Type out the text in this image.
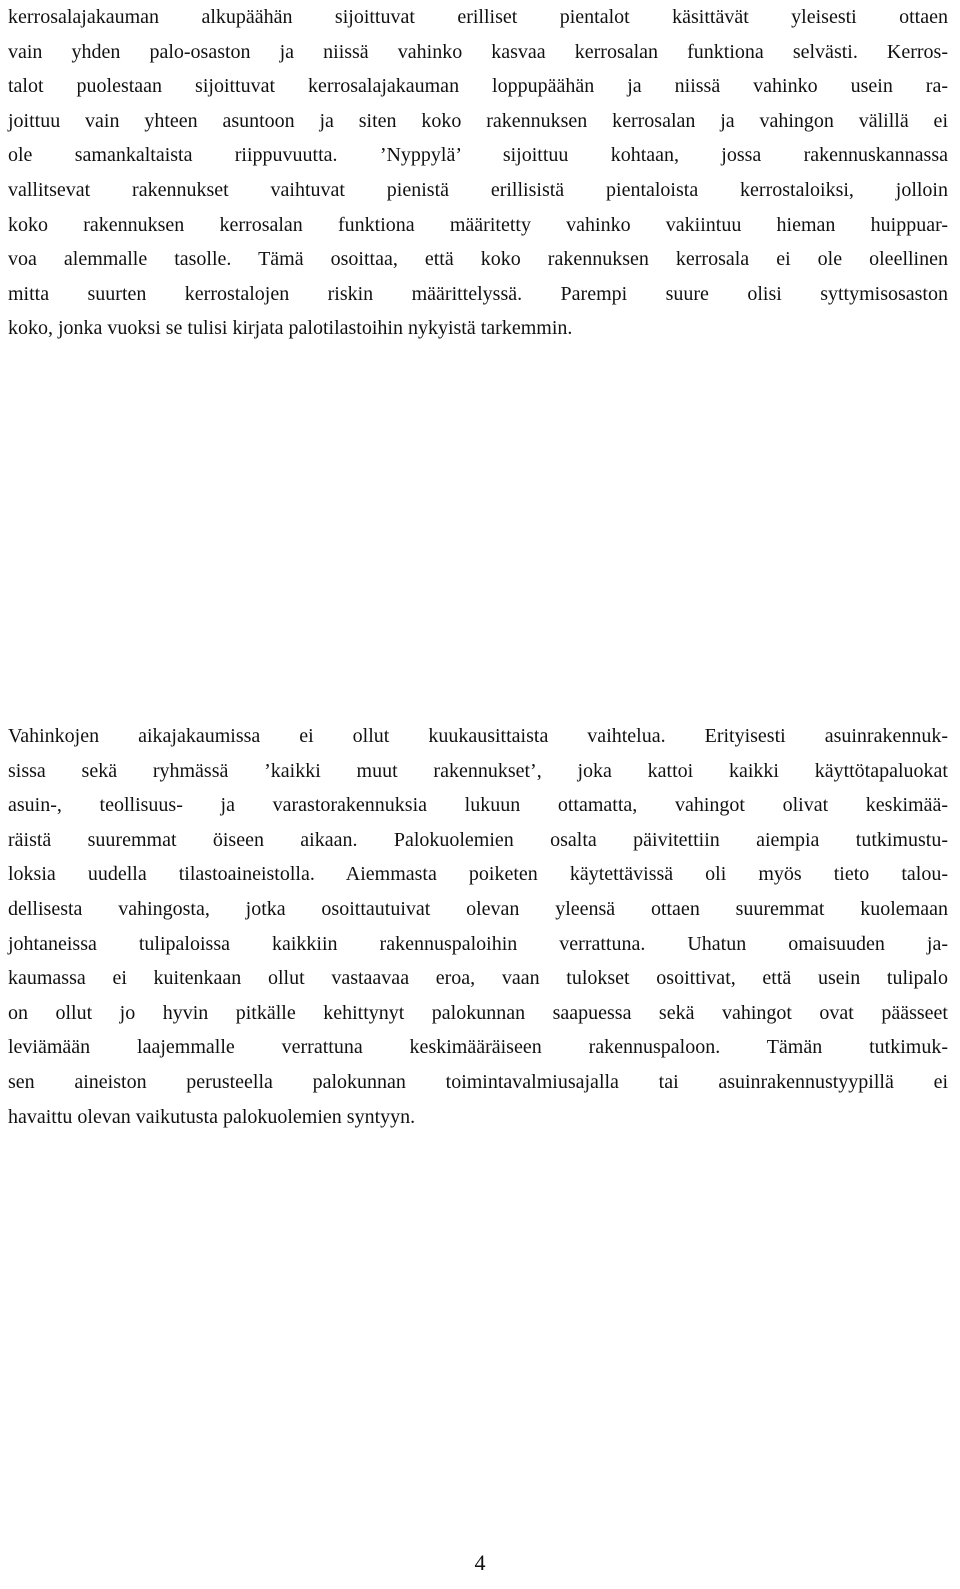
kerrosalajakauman alkupäähän sijoittuvat erilliset pientalot käsittävät yleisesti ottaen
vain yhden palo-osaston ja niissä vahinko kasvaa kerrosalan funktiona selvästi. Kerros-
talot puolestaan sijoittuvat kerrosalajakauman loppupäähän ja niissä vahinko usein ra-
joittuu vain yhteen asuntoon ja siten koko rakennuksen kerrosalan ja vahingon välillä ei
ole samankaltaista riippuvuutta. ’Nyppylä’ sijoittuu kohtaan, jossa rakennuskannassa
vallitsevat rakennukset vaihtuvat pienistä erillisistä pientaloista kerrostaloiksi, jolloin
koko rakennuksen kerrosalan funktiona määritetty vahinko vakiintuu hieman huippuar-
voa alemmalle tasolle. Tämä osoittaa, että koko rakennuksen kerrosala ei ole oleellinen
mitta suurten kerrostalojen riskin määrittelyssä. Parempi suure olisi syttymisosaston
koko, jonka vuoksi se tulisi kirjata palotilastoihin nykyistä tarkemmin.
Vahinkojen aikajakaumissa ei ollut kuukausittaista vaihtelua. Erityisesti asuinrakennuk-
sissa sekä ryhmässä ’kaikki muut rakennukset’, joka kattoi kaikki käyttötapaluokat
asuin-, teollisuus- ja varastorakennuksia lukuun ottamatta, vahingot olivat keskimää-
räistä suuremmat öiseen aikaan. Palokuolemien osalta päivitettiin aiempia tutkimustu-
loksia uudella tilastoaineistolla. Aiemmasta poiketen käytettävissä oli myös tieto talou-
dellisesta vahingosta, jotka osoittautuivat olevan yleensä ottaen suuremmat kuolemaan
johtaneissa tulipaloissa kaikkiin rakennuspaloihin verrattuna. Uhatun omaisuuden ja-
kaumassa ei kuitenkaan ollut vastaavaa eroa, vaan tulokset osoittivat, että usein tulipalo
on ollut jo hyvin pitkälle kehittynyt palokunnan saapuessa sekä vahingot ovat päässeet
leviämään laajemmalle verrattuna keskimääräiseen rakennuspaloon. Tämän tutkimuk-
sen aineiston perusteella palokunnan toimintavalmiusajalla tai asuinrakennustyypillä ei
havaittu olevan vaikutusta palokuolemien syntyyn.
4
